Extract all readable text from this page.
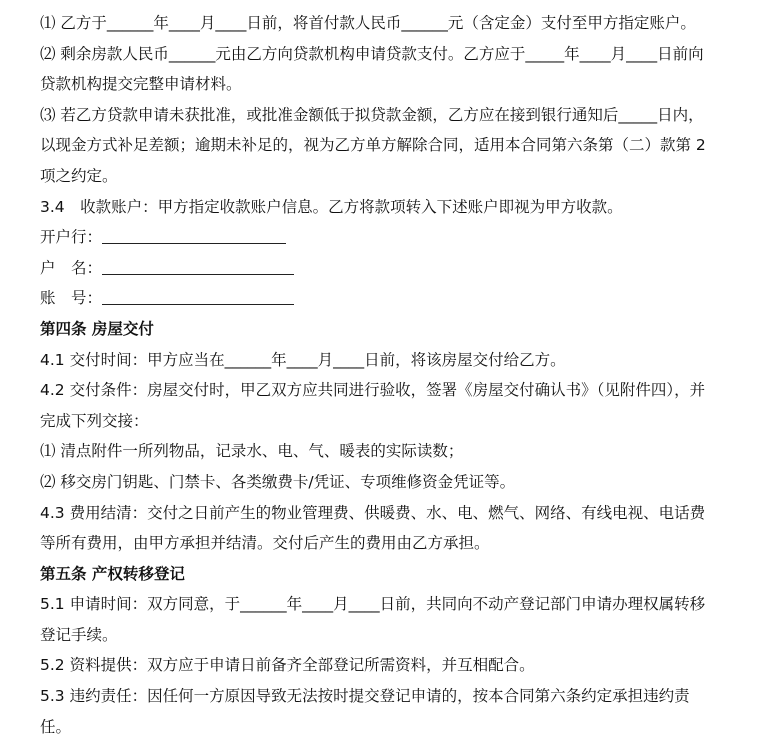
⑴ 乙方于______年____月____日前，将首付款人民币______元（含定金）支付至甲方指定账户。
⑵ 剩余房款人民币______元由乙方向贷款机构申请贷款支付。乙方应于_____年____月____日前向
贷款机构提交完整申请材料。
⑶ 若乙方贷款申请未获批准，或批准金额低于拟贷款金额，乙方应在接到银行通知后_____日内，
以现金方式补足差额；逾期未补足的，视为乙方单方解除合同，适用本合同第六条第（二）款第 2
项之约定。
3.4　收款账户：甲方指定收款账户信息。乙方将款项转入下述账户即视为甲方收款。
开户行：
户　名：
账　号：
第四条 房屋交付
4.1 交付时间：甲方应当在______年____月____日前，将该房屋交付给乙方。
4.2 交付条件：房屋交付时，甲乙双方应共同进行验收，签署《房屋交付确认书》（见附件四），并
完成下列交接：
⑴ 清点附件一所列物品，记录水、电、气、暖表的实际读数；
⑵ 移交房门钥匙、门禁卡、各类缴费卡/凭证、专项维修资金凭证等。
4.3 费用结清：交付之日前产生的物业管理费、供暖费、水、电、燃气、网络、有线电视、电话费
等所有费用，由甲方承担并结清。交付后产生的费用由乙方承担。
第五条 产权转移登记
5.1 申请时间：双方同意，于______年____月____日前，共同向不动产登记部门申请办理权属转移
登记手续。
5.2 资料提供：双方应于申请日前备齐全部登记所需资料，并互相配合。
5.3 违约责任：因任何一方原因导致无法按时提交登记申请的，按本合同第六条约定承担违约责
任。
